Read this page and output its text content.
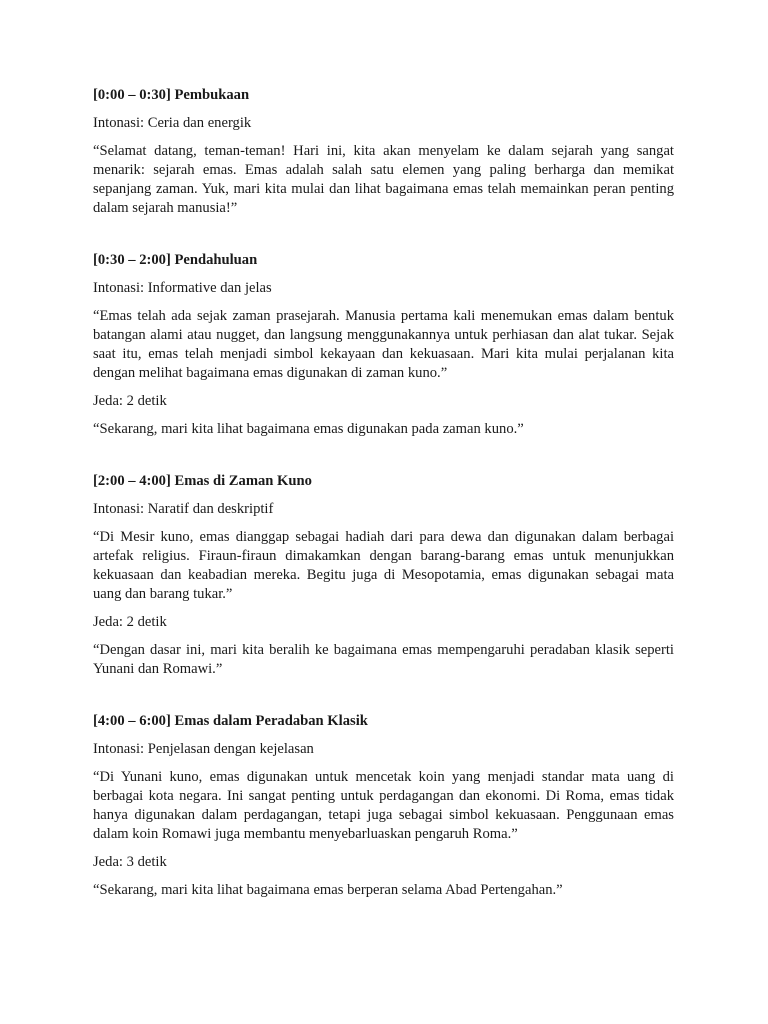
[0:00 – 0:30] Pembukaan

Intonasi: Ceria dan energik

“Selamat datang, teman-teman! Hari ini, kita akan menyelam ke dalam sejarah yang sangat menarik: sejarah emas. Emas adalah salah satu elemen yang paling berharga dan memikat sepanjang zaman. Yuk, mari kita mulai dan lihat bagaimana emas telah memainkan peran penting dalam sejarah manusia!”

[0:30 – 2:00] Pendahuluan

Intonasi: Informative dan jelas

“Emas telah ada sejak zaman prasejarah. Manusia pertama kali menemukan emas dalam bentuk batangan alami atau nugget, dan langsung menggunakannya untuk perhiasan dan alat tukar. Sejak saat itu, emas telah menjadi simbol kekayaan dan kekuasaan. Mari kita mulai perjalanan kita dengan melihat bagaimana emas digunakan di zaman kuno.”

Jeda: 2 detik

“Sekarang, mari kita lihat bagaimana emas digunakan pada zaman kuno.”

[2:00 – 4:00] Emas di Zaman Kuno

Intonasi: Naratif dan deskriptif

“Di Mesir kuno, emas dianggap sebagai hadiah dari para dewa dan digunakan dalam berbagai artefak religius. Firaun-firaun dimakamkan dengan barang-barang emas untuk menunjukkan kekuasaan dan keabadian mereka. Begitu juga di Mesopotamia, emas digunakan sebagai mata uang dan barang tukar.”

Jeda: 2 detik

“Dengan dasar ini, mari kita beralih ke bagaimana emas mempengaruhi peradaban klasik seperti Yunani dan Romawi.”

[4:00 – 6:00] Emas dalam Peradaban Klasik

Intonasi: Penjelasan dengan kejelasan

“Di Yunani kuno, emas digunakan untuk mencetak koin yang menjadi standar mata uang di berbagai kota negara. Ini sangat penting untuk perdagangan dan ekonomi. Di Roma, emas tidak hanya digunakan dalam perdagangan, tetapi juga sebagai simbol kekuasaan. Penggunaan emas dalam koin Romawi juga membantu menyebarluaskan pengaruh Roma.”

Jeda: 3 detik

“Sekarang, mari kita lihat bagaimana emas berperan selama Abad Pertengahan.”
